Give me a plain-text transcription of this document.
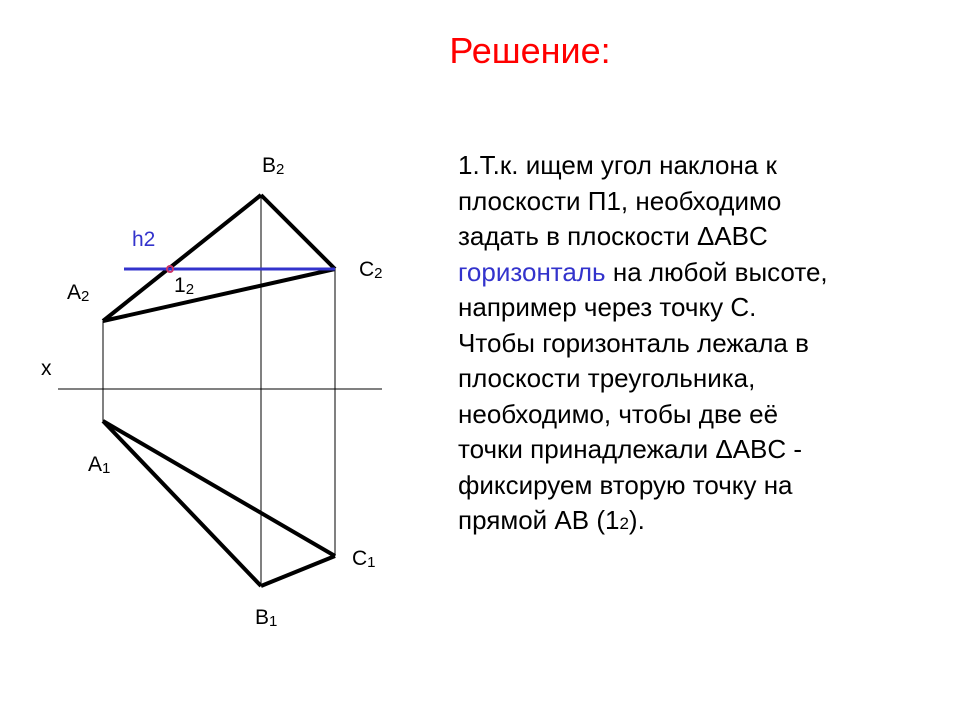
Решение:
B2
C2
A2
h2
12
x
A1
C1
B1
1.Т.к. ищем угол наклона к
плоскости П1, необходимо
задать в плоскости ΔABC
горизонталь на любой высоте,
например через точку C.
Чтобы горизонталь лежала в
плоскости треугольника,
необходимо, чтобы две её
точки принадлежали ΔABC -
фиксируем вторую точку на
прямой AB (12).
